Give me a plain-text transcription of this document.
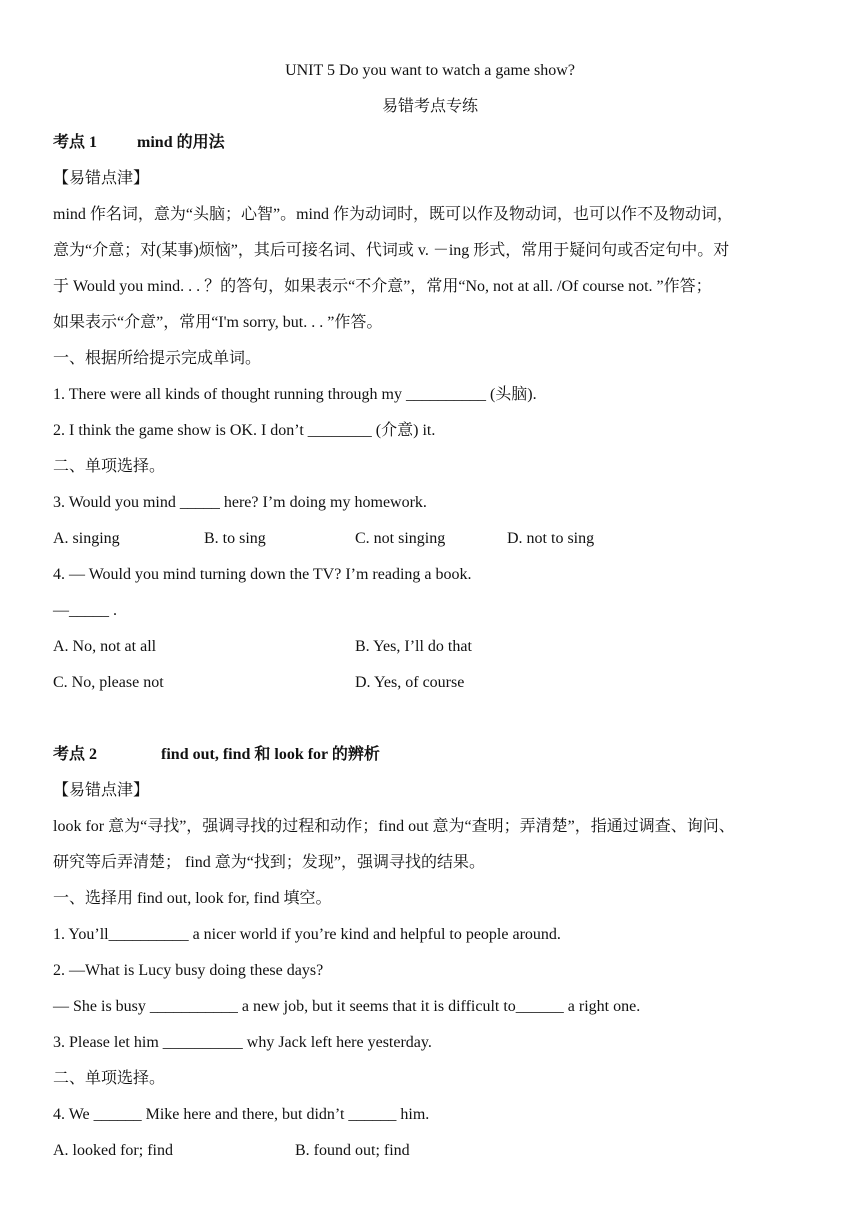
UNIT 5 Do you want to watch a game show?
易错考点专练
考点 1	mind 的用法
【易错点津】
mind 作名词，意为“头脑；心智”。mind 作为动词时，既可以作及物动词，也可以作不及物动词，
意为“介意；对(某事)烦恼”，其后可接名词、代词或 v. －ing 形式，常用于疑问句或否定句中。对
于 Would you mind. . . ？的答句，如果表示“不介意”，常用“No, not at all. /Of course not. ”作答；
如果表示“介意”，常用“I'm sorry, but. . . ”作答。
一、根据所给提示完成单词。
1. There were all kinds of thought running through my __________ (头脑).
2. I think the game show is OK. I don’t ________ (介意) it.
二、单项选择。
3. Would you mind _____ here? I’m doing my homework.
A. singing	B. to sing	C. not singing	D. not to sing
4. — Would you mind turning down the TV? I’m reading a book.
—_____ .
A. No, not at all	B. Yes, I’ll do that
C. No, please not	D. Yes, of course
考点 2	find out, find 和 look for 的辨析
【易错点津】
look for 意为“寻找”，强调寻找的过程和动作；find out 意为“查明；弄清楚”，指通过调查、询问、
研究等后弄清楚； find 意为“找到；发现”，强调寻找的结果。
一、选择用 find out, look for, find 填空。
1. You’ll__________ a nicer world if you’re kind and helpful to people around.
2. —What is Lucy busy doing these days?
— She is busy ___________ a new job, but it seems that it is difficult to______ a right one.
3. Please let him __________ why Jack left here yesterday.
二、单项选择。
4. We ______ Mike here and there, but didn’t ______ him.
A. looked for; find	B. found out; find
